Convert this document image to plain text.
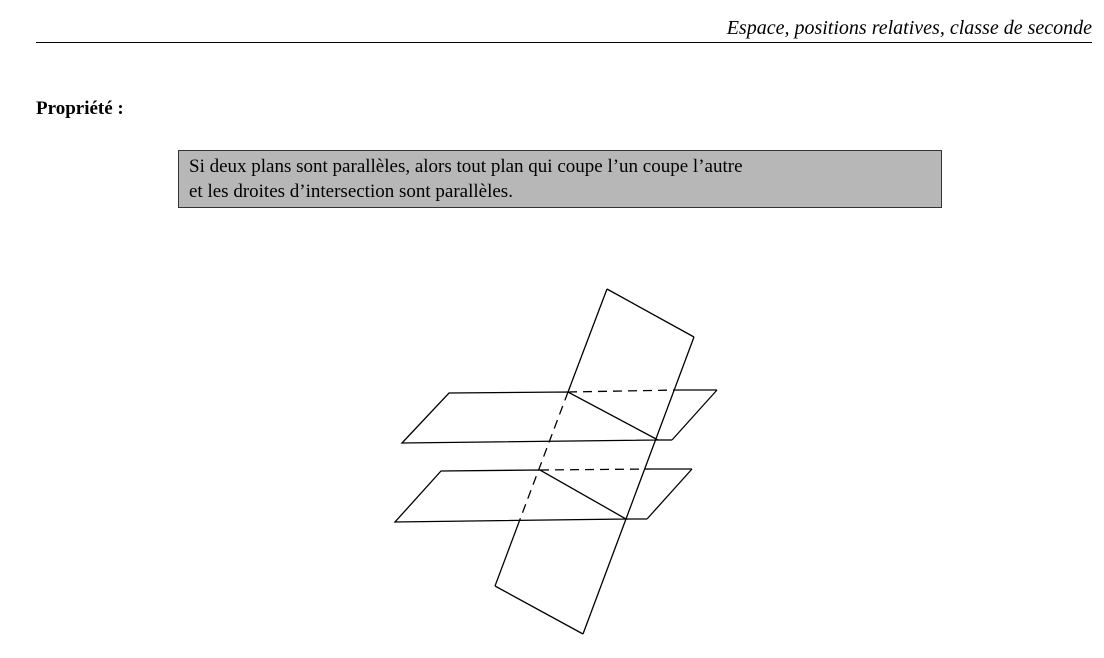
Espace, positions relatives, classe de seconde
Propriété :
Si deux plans sont parallèles, alors tout plan qui coupe l’un coupe l’autre
et les droites d’intersection sont parallèles.
